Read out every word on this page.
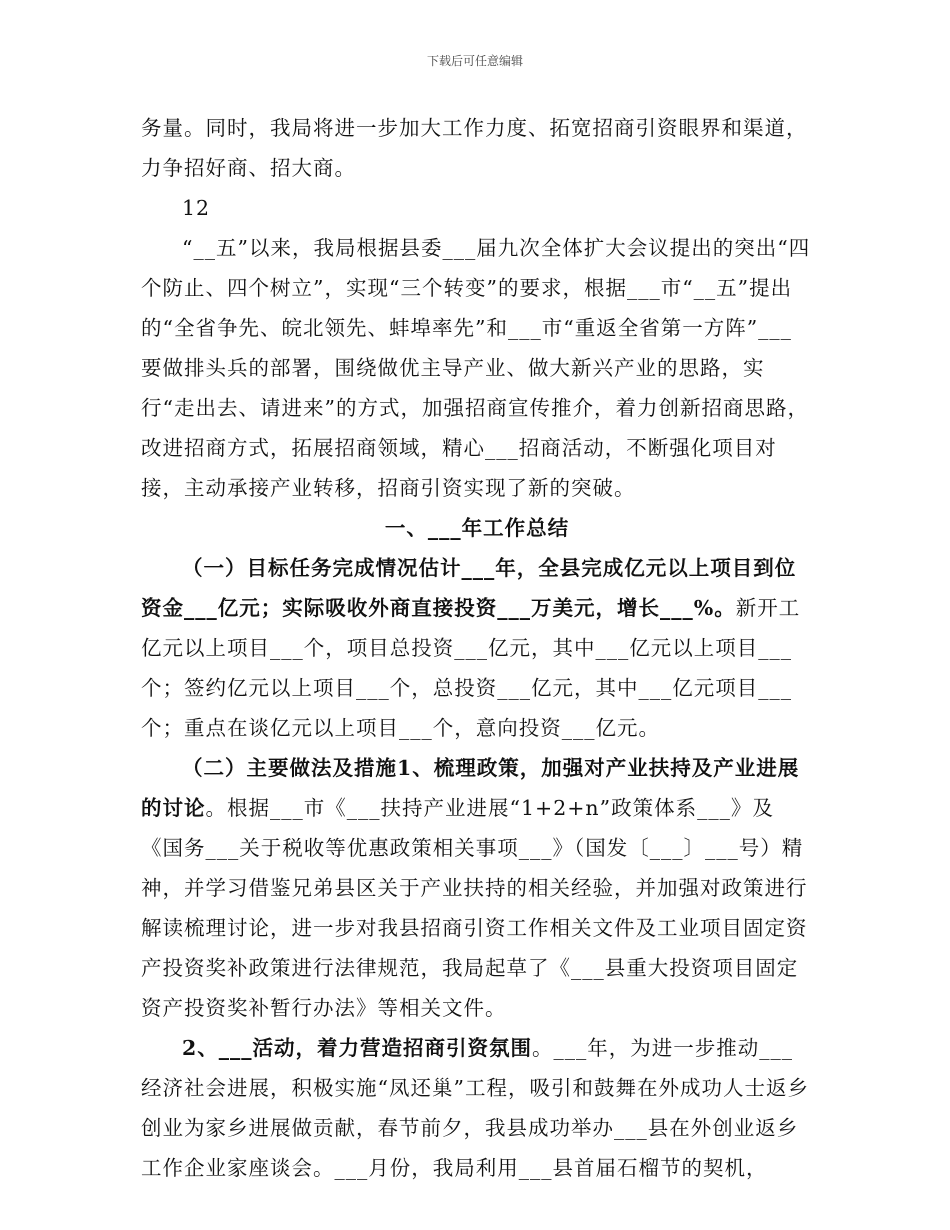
下载后可任意编辑

务量。同时，我局将进一步加大工作力度、拓宽招商引资眼界和渠道，力争招好商、招大商。

12

“__五”以来，我局根据县委___届九次全体扩大会议提出的突出“四个防止、四个树立”，实现“三个转变”的要求，根据___市“__五”提出的“全省争先、皖北领先、蚌埠率先”和___市“重返全省第一方阵”___要做排头兵的部署，围绕做优主导产业、做大新兴产业的思路，实行“走出去、请进来”的方式，加强招商宣传推介，着力创新招商思路，改进招商方式，拓展招商领域，精心___招商活动，不断强化项目对接，主动承接产业转移，招商引资实现了新的突破。

一、___年工作总结

（一）目标任务完成情况估计___年，全县完成亿元以上项目到位资金___亿元；实际吸收外商直接投资___万美元，增长___%。新开工亿元以上项目___个，项目总投资___亿元，其中___亿元以上项目___个；签约亿元以上项目___个，总投资___亿元，其中___亿元项目___个；重点在谈亿元以上项目___个，意向投资___亿元。

（二）主要做法及措施1、梳理政策，加强对产业扶持及产业进展的讨论。根据___市《___扶持产业进展“1+2+n”政策体系___》及《国务___关于税收等优惠政策相关事项___》（国发〔___〕___号）精神，并学习借鉴兄弟县区关于产业扶持的相关经验，并加强对政策进行解读梳理讨论，进一步对我县招商引资工作相关文件及工业项目固定资产投资奖补政策进行法律规范，我局起草了《___县重大投资项目固定资产投资奖补暂行办法》等相关文件。

2、___活动，着力营造招商引资氛围。___年，为进一步推动___经济社会进展，积极实施“凤还巢”工程，吸引和鼓舞在外成功人士返乡创业为家乡进展做贡献，春节前夕，我县成功举办___县在外创业返乡工作企业家座谈会。___月份，我局利用___县首届石榴节的契机，
